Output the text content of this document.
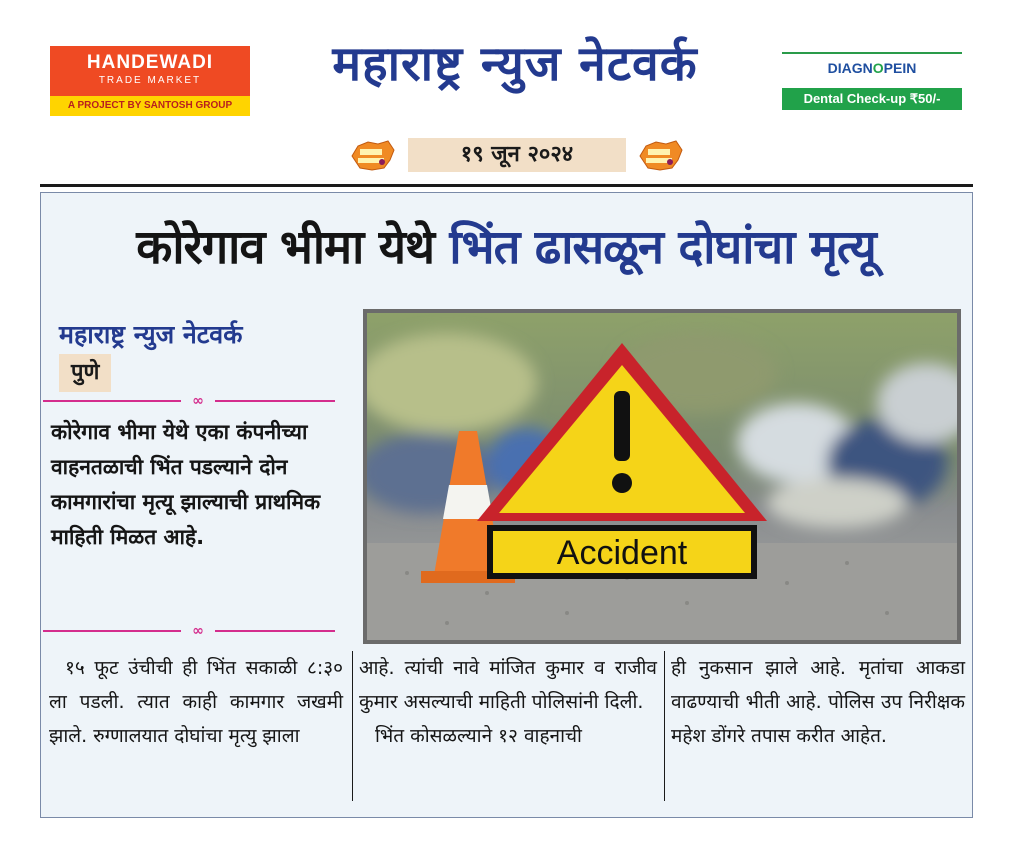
HANDEWADI
TRADE MARKET
A PROJECT BY SANTOSH GROUP
महाराष्ट्र न्युज नेटवर्क	DIAGNOPEIN
Dental Check-up ₹50/-
१९ जून २०२४
कोरेगाव भीमा येथे भिंत ढासळून दोघांचा मृत्यू
महाराष्ट्र न्युज नेटवर्क
पुणे
∞
कोरेगाव भीमा येथे एका कंपनीच्या वाहनतळाची भिंत पडल्याने दोन कामगारांचा मृत्यू झाल्याची प्राथमिक माहिती मिळत आहे.
∞
Accident

१५ फूट उंचीची ही भिंत सकाळी ८:३० ला पडली. त्यात काही कामगार जखमी झाले. रुग्णालयात दोघांचा मृत्यु झाला

आहे. त्यांची नावे मांजित कुमार व राजीव कुमार असल्याची माहिती पोलिसांनी दिली.

भिंत कोसळल्याने १२ वाहनाची

ही नुकसान झाले आहे. मृतांचा आकडा वाढण्याची भीती आहे. पोलिस उप निरीक्षक महेश डोंगरे तपास करीत आहेत.
